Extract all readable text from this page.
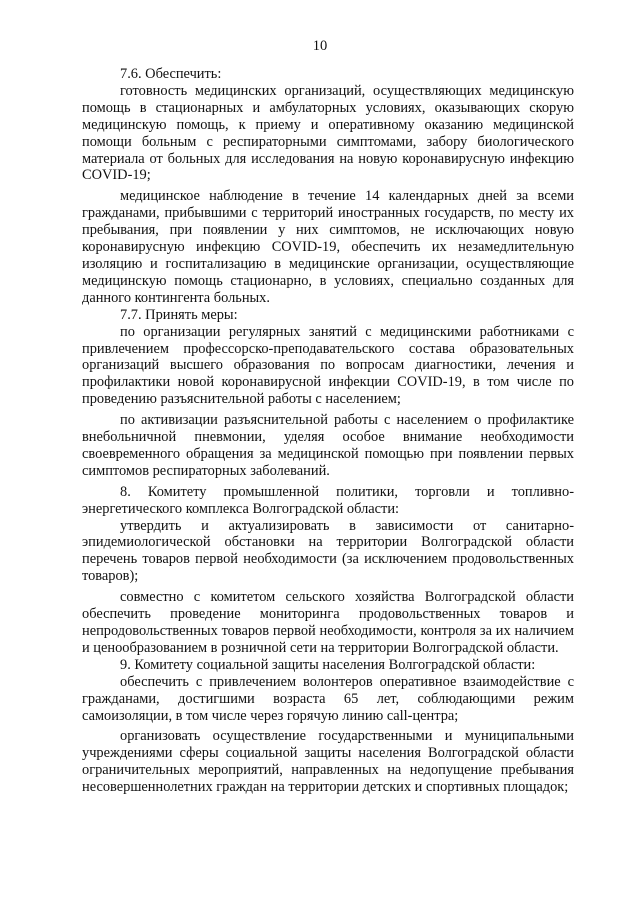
10

7.6. Обеспечить:

готовность медицинских организаций, осуществляющих медицинскую помощь в стационарных и амбулаторных условиях, оказывающих скорую медицинскую помощь, к приему и оперативному оказанию медицинской помощи больным с респираторными симптомами, забору биологического материала от больных для исследования на новую коронавирусную инфекцию COVID-19;

медицинское наблюдение в течение 14 календарных дней за всеми гражданами, прибывшими с территорий иностранных государств, по месту их пребывания, при появлении у них симптомов, не исключающих новую коронавирусную инфекцию COVID-19, обеспечить их незамедлительную изоляцию и госпитализацию в медицинские организации, осуществляющие медицинскую помощь стационарно, в условиях, специально созданных для данного контингента больных.

7.7. Принять меры:

по организации регулярных занятий с медицинскими работниками с привлечением профессорско-преподавательского состава образовательных организаций высшего образования по вопросам диагностики, лечения и профилактики новой коронавирусной инфекции COVID-19, в том числе по проведению разъяснительной работы с населением;

по активизации разъяснительной работы с населением о профилактике внебольничной пневмонии, уделяя особое внимание необходимости своевременного обращения за медицинской помощью при появлении первых симптомов респираторных заболеваний.

8. Комитету промышленной политики, торговли и топливно-энергетического комплекса Волгоградской области:

утвердить и актуализировать в зависимости от санитарно-эпидемиологической обстановки на территории Волгоградской области перечень товаров первой необходимости (за исключением продовольственных товаров);

совместно с комитетом сельского хозяйства Волгоградской области обеспечить проведение мониторинга продовольственных товаров и непродовольственных товаров первой необходимости, контроля за их наличием и ценообразованием в розничной сети на территории Волгоградской области.

9. Комитету социальной защиты населения Волгоградской области:

обеспечить с привлечением волонтеров оперативное взаимодействие с гражданами, достигшими возраста 65 лет, соблюдающими режим самоизоляции, в том числе через горячую линию call-центра;

организовать осуществление государственными и муниципальными учреждениями сферы социальной защиты населения Волгоградской области ограничительных мероприятий, направленных на недопущение пребывания несовершеннолетних граждан на территории детских и спортивных площадок;
